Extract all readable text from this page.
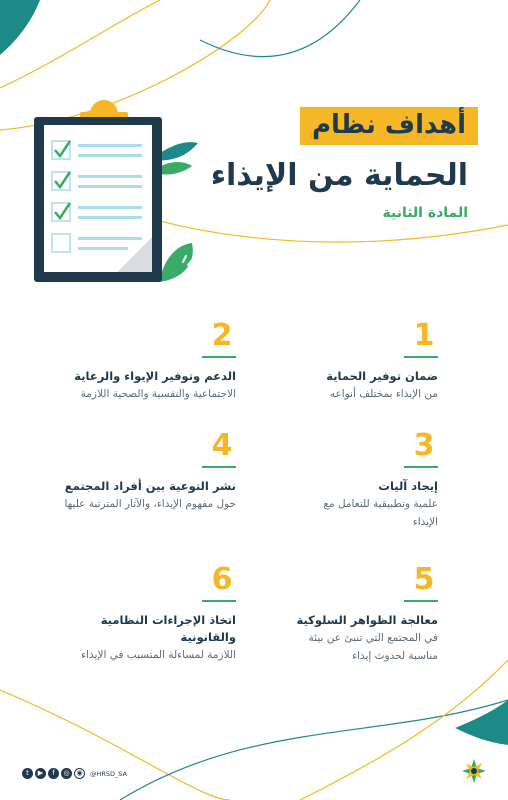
أهداف نظام
الحماية من الإيذاء
المادة الثانية
1
ضمان توفير الحماية
من الإيذاء بمختلف أنواعه
2
الدعم وتوفير الإيواء والرعاية
الاجتماعية والنفسية والصحية اللازمة
3
إيجاد آليات
علمية وتطبيقية للتعامل مع الإيذاء
4
نشر التوعية بين أفراد المجتمع
حول مفهوم الإيذاء، والآثار المترتبة عليها
5
معالجة الظواهر السلوكية
في المجتمع التي تنبئ عن بيئة مناسبة لحدوث إيذاء
6
اتخاذ الإجراءات النظامية والقانونية
اللازمة لمساءلة المتسبب في الإيذاء
t	▶	f	◎ ◉	@HRSD_SA
